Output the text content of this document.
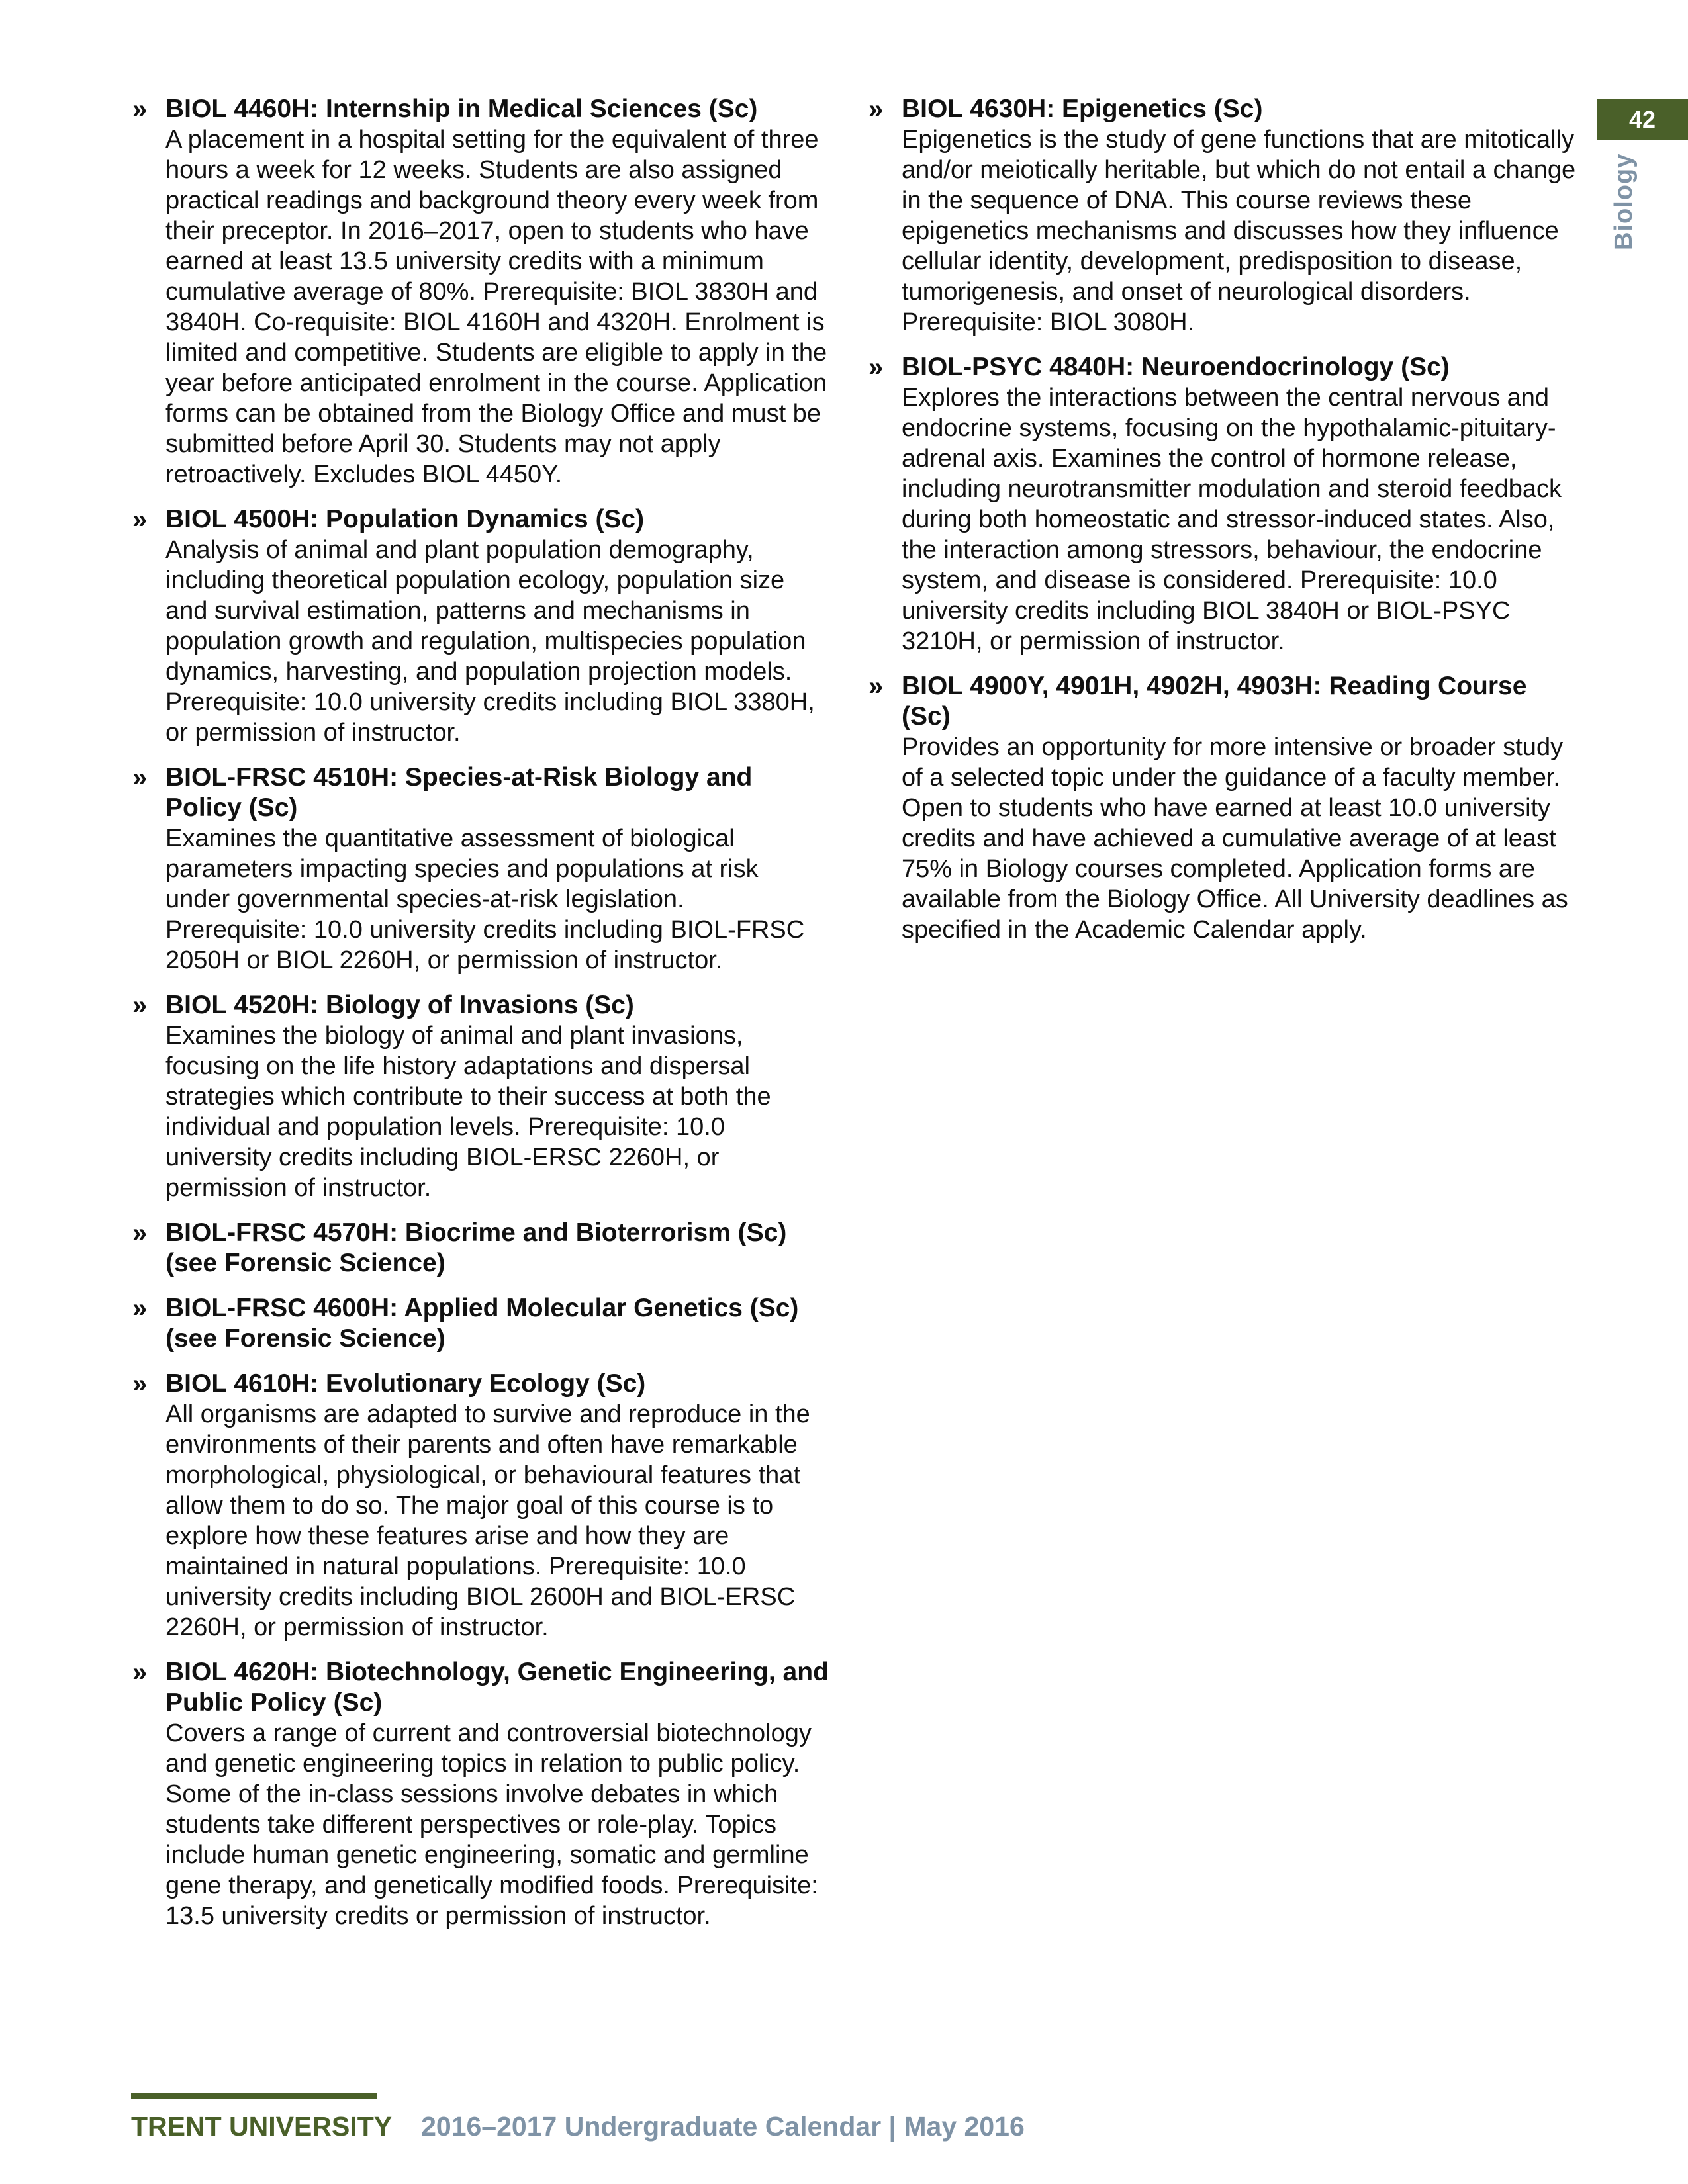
» BIOL 4460H: Internship in Medical Sciences (Sc)
A placement in a hospital setting for the equivalent of three hours a week for 12 weeks. Students are also assigned practical readings and background theory every week from their preceptor. In 2016–2017, open to students who have earned at least 13.5 university credits with a minimum cumulative average of 80%. Prerequisite: BIOL 3830H and 3840H. Co-requisite: BIOL 4160H and 4320H. Enrolment is limited and competitive. Students are eligible to apply in the year before anticipated enrolment in the course. Application forms can be obtained from the Biology Office and must be submitted before April 30. Students may not apply retroactively. Excludes BIOL 4450Y.
» BIOL 4500H: Population Dynamics (Sc)
Analysis of animal and plant population demography, including theoretical population ecology, population size and survival estimation, patterns and mechanisms in population growth and regulation, multispecies population dynamics, harvesting, and population projection models. Prerequisite: 10.0 university credits including BIOL 3380H, or permission of instructor.
» BIOL-FRSC 4510H: Species-at-Risk Biology and Policy (Sc)
Examines the quantitative assessment of biological parameters impacting species and populations at risk under governmental species-at-risk legislation. Prerequisite: 10.0 university credits including BIOL-FRSC 2050H or BIOL 2260H, or permission of instructor.
» BIOL 4520H: Biology of Invasions (Sc)
Examines the biology of animal and plant invasions, focusing on the life history adaptations and dispersal strategies which contribute to their success at both the individual and population levels. Prerequisite: 10.0 university credits including BIOL-ERSC 2260H, or permission of instructor.
» BIOL-FRSC 4570H: Biocrime and Bioterrorism (Sc) (see Forensic Science)
» BIOL-FRSC 4600H: Applied Molecular Genetics (Sc) (see Forensic Science)
» BIOL 4610H: Evolutionary Ecology (Sc)
All organisms are adapted to survive and reproduce in the environments of their parents and often have remarkable morphological, physiological, or behavioural features that allow them to do so. The major goal of this course is to explore how these features arise and how they are maintained in natural populations. Prerequisite: 10.0 university credits including BIOL 2600H and BIOL-ERSC 2260H, or permission of instructor.
» BIOL 4620H: Biotechnology, Genetic Engineering, and Public Policy (Sc)
Covers a range of current and controversial biotechnology and genetic engineering topics in relation to public policy. Some of the in-class sessions involve debates in which students take different perspectives or role-play. Topics include human genetic engineering, somatic and germline gene therapy, and genetically modified foods. Prerequisite: 13.5 university credits or permission of instructor.
» BIOL 4630H: Epigenetics (Sc)
Epigenetics is the study of gene functions that are mitotically and/or meiotically heritable, but which do not entail a change in the sequence of DNA. This course reviews these epigenetics mechanisms and discusses how they influence cellular identity, development, predisposition to disease, tumorigenesis, and onset of neurological disorders. Prerequisite: BIOL 3080H.
» BIOL-PSYC 4840H: Neuroendocrinology (Sc)
Explores the interactions between the central nervous and endocrine systems, focusing on the hypothalamic-pituitary-adrenal axis. Examines the control of hormone release, including neurotransmitter modulation and steroid feedback during both homeostatic and stressor-induced states. Also, the interaction among stressors, behaviour, the endocrine system, and disease is considered. Prerequisite: 10.0 university credits including BIOL 3840H or BIOL-PSYC 3210H, or permission of instructor.
» BIOL 4900Y, 4901H, 4902H, 4903H: Reading Course (Sc)
Provides an opportunity for more intensive or broader study of a selected topic under the guidance of a faculty member. Open to students who have earned at least 10.0 university credits and have achieved a cumulative average of at least 75% in Biology courses completed. Application forms are available from the Biology Office. All University deadlines as specified in the Academic Calendar apply.
42
Biology
TRENT UNIVERSITY 2016–2017 Undergraduate Calendar | May 2016
